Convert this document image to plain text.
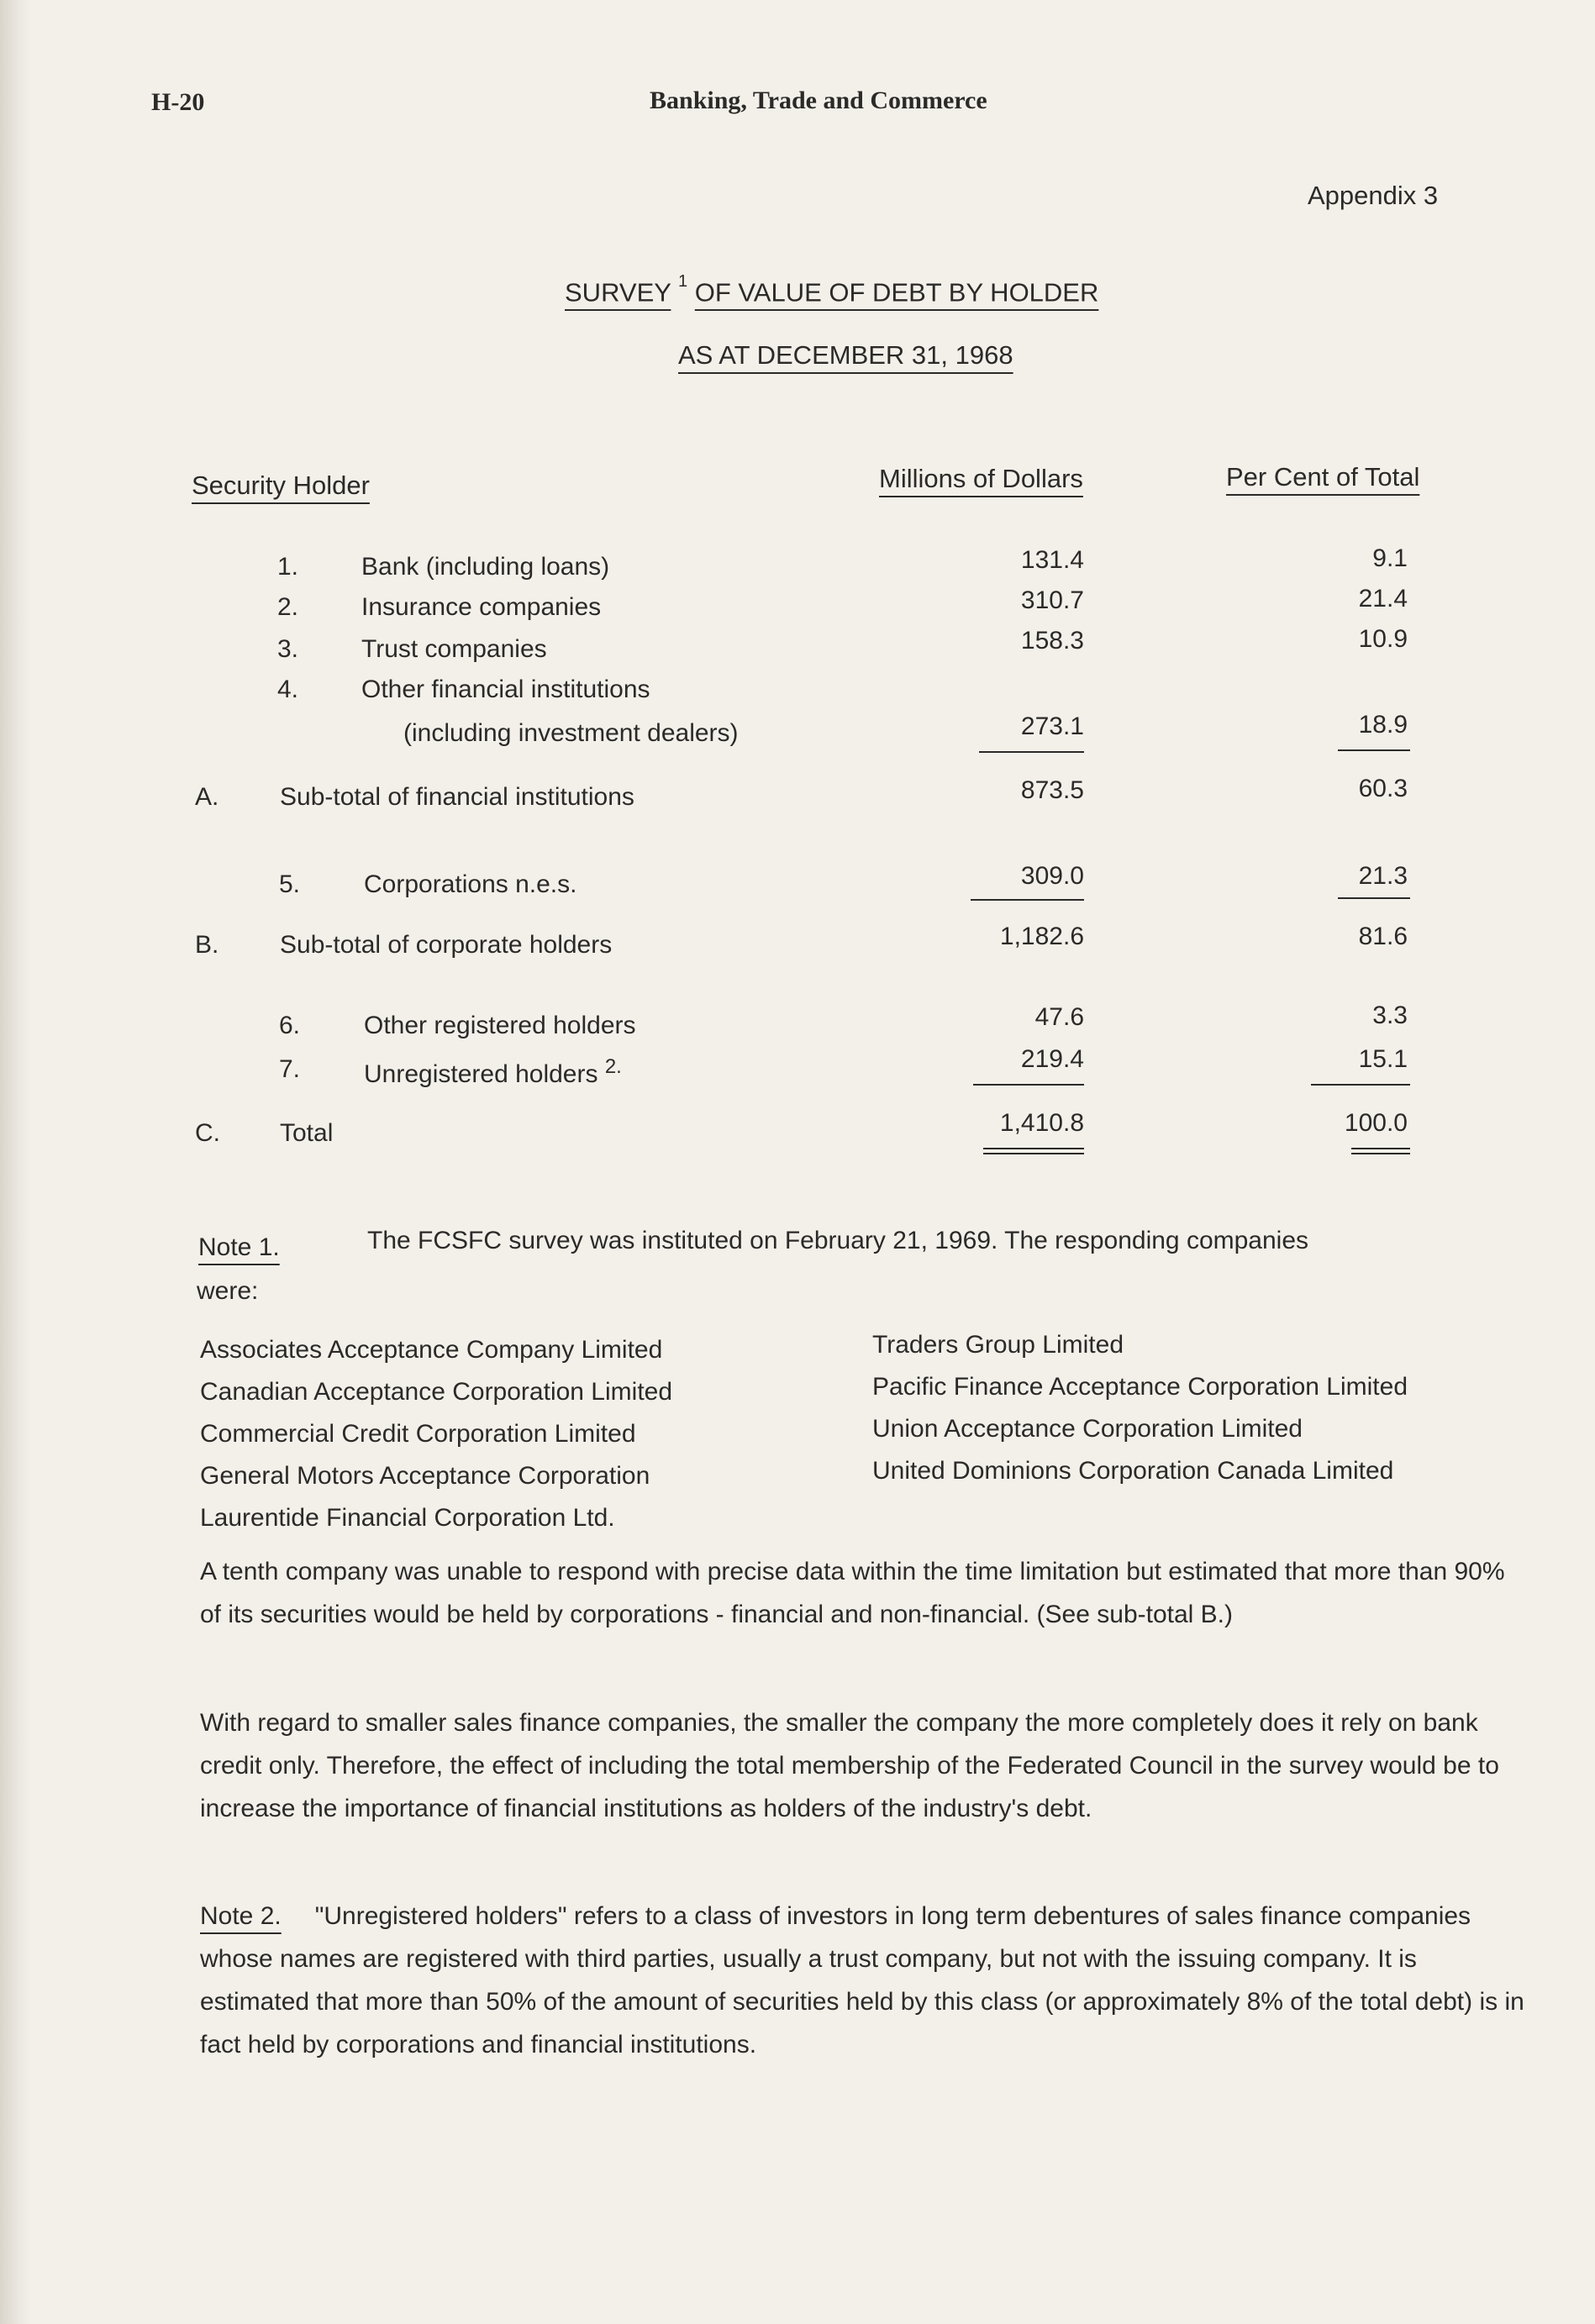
H-20	Banking, Trade and Commerce
Appendix 3
SURVEY $^1$ OF VALUE OF DEBT BY HOLDER
AS AT DECEMBER 31, 1968
Security Holder	Millions of Dollars	Per Cent of Total
1. Bank (including loans)	131.4	9.1
2. Insurance companies	310.7	21.4
3. Trust companies	158.3	10.9
4. Other financial institutions
(including investment dealers)	273.1	18.9
A. Sub-total of financial institutions	873.5	60.3
5.	Corporations n.e.s.	309.0	21.3
B. Sub-total of corporate holders	1,182.6	81.6
6.	Other registered holders	47.6	3.3
7.	Unregistered holders $^{2.}$	219.4	15.1
C. Total	1,410.8	100.0
Note 1.	The FCSFC survey was instituted on February 21, 1969. The responding companies
were:
Associates Acceptance Company Limited
Canadian Acceptance Corporation Limited
Commercial Credit Corporation Limited
General Motors Acceptance Corporation
Laurentide Financial Corporation Ltd.
Traders Group Limited
Pacific Finance Acceptance Corporation Limited
Union Acceptance Corporation Limited
United Dominions Corporation Canada Limited
A tenth company was unable to respond with precise data within the time limitation but estimated that more than 90% of its securities would be held by corporations - financial and non-financial. (See sub-total B.)
With regard to smaller sales finance companies, the smaller the company the more completely does it rely on bank credit only. Therefore, the effect of including the total membership of the Federated Council in the survey would be to increase the importance of financial institutions as holders of the industry's debt.
Note 2. "Unregistered holders" refers to a class of investors in long term debentures of sales finance companies whose names are registered with third parties, usually a trust company, but not with the issuing company. It is estimated that more than 50% of the amount of securities held by this class (or approximately 8% of the total debt) is in fact held by corporations and financial institutions.
